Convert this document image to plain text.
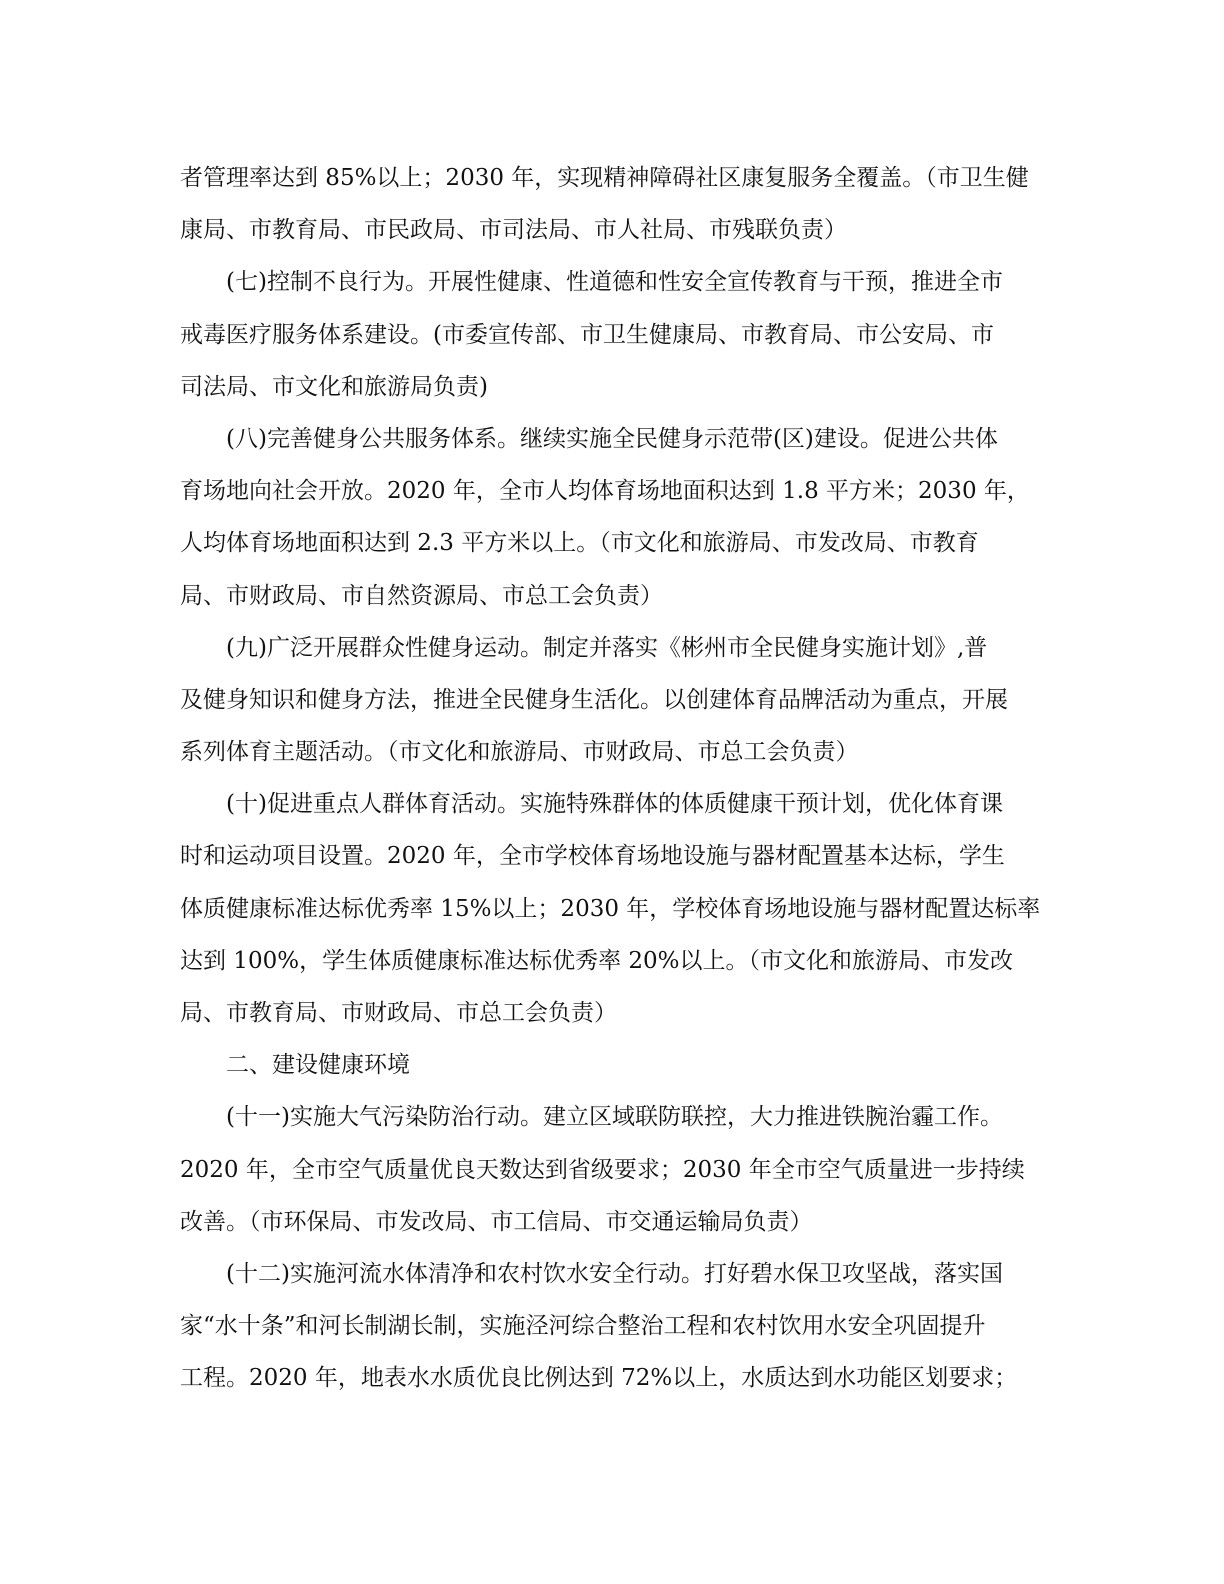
者管理率达到 85%以上；2030 年，实现精神障碍社区康复服务全覆盖。（市卫生健
康局、市教育局、市民政局、市司法局、市人社局、市残联负责）
(七)控制不良行为。开展性健康、性道德和性安全宣传教育与干预，推进全市
戒毒医疗服务体系建设。(市委宣传部、市卫生健康局、市教育局、市公安局、市
司法局、市文化和旅游局负责)
(八)完善健身公共服务体系。继续实施全民健身示范带(区)建设。促进公共体
育场地向社会开放。2020 年，全市人均体育场地面积达到 1.8 平方米；2030 年，
人均体育场地面积达到 2.3 平方米以上。（市文化和旅游局、市发改局、市教育
局、市财政局、市自然资源局、市总工会负责）
(九)广泛开展群众性健身运动。制定并落实《彬州市全民健身实施计划》,普
及健身知识和健身方法，推进全民健身生活化。以创建体育品牌活动为重点，开展
系列体育主题活动。（市文化和旅游局、市财政局、市总工会负责）
(十)促进重点人群体育活动。实施特殊群体的体质健康干预计划，优化体育课
时和运动项目设置。2020 年，全市学校体育场地设施与器材配置基本达标，学生
体质健康标准达标优秀率 15%以上；2030 年，学校体育场地设施与器材配置达标率
达到 100%，学生体质健康标准达标优秀率 20%以上。（市文化和旅游局、市发改
局、市教育局、市财政局、市总工会负责）
二、建设健康环境
(十一)实施大气污染防治行动。建立区域联防联控，大力推进铁腕治霾工作。
2020 年，全市空气质量优良天数达到省级要求；2030 年全市空气质量进一步持续
改善。（市环保局、市发改局、市工信局、市交通运输局负责）
(十二)实施河流水体清净和农村饮水安全行动。打好碧水保卫攻坚战，落实国
家“水十条”和河长制湖长制，实施泾河综合整治工程和农村饮用水安全巩固提升
工程。2020 年，地表水水质优良比例达到 72%以上，水质达到水功能区划要求；
